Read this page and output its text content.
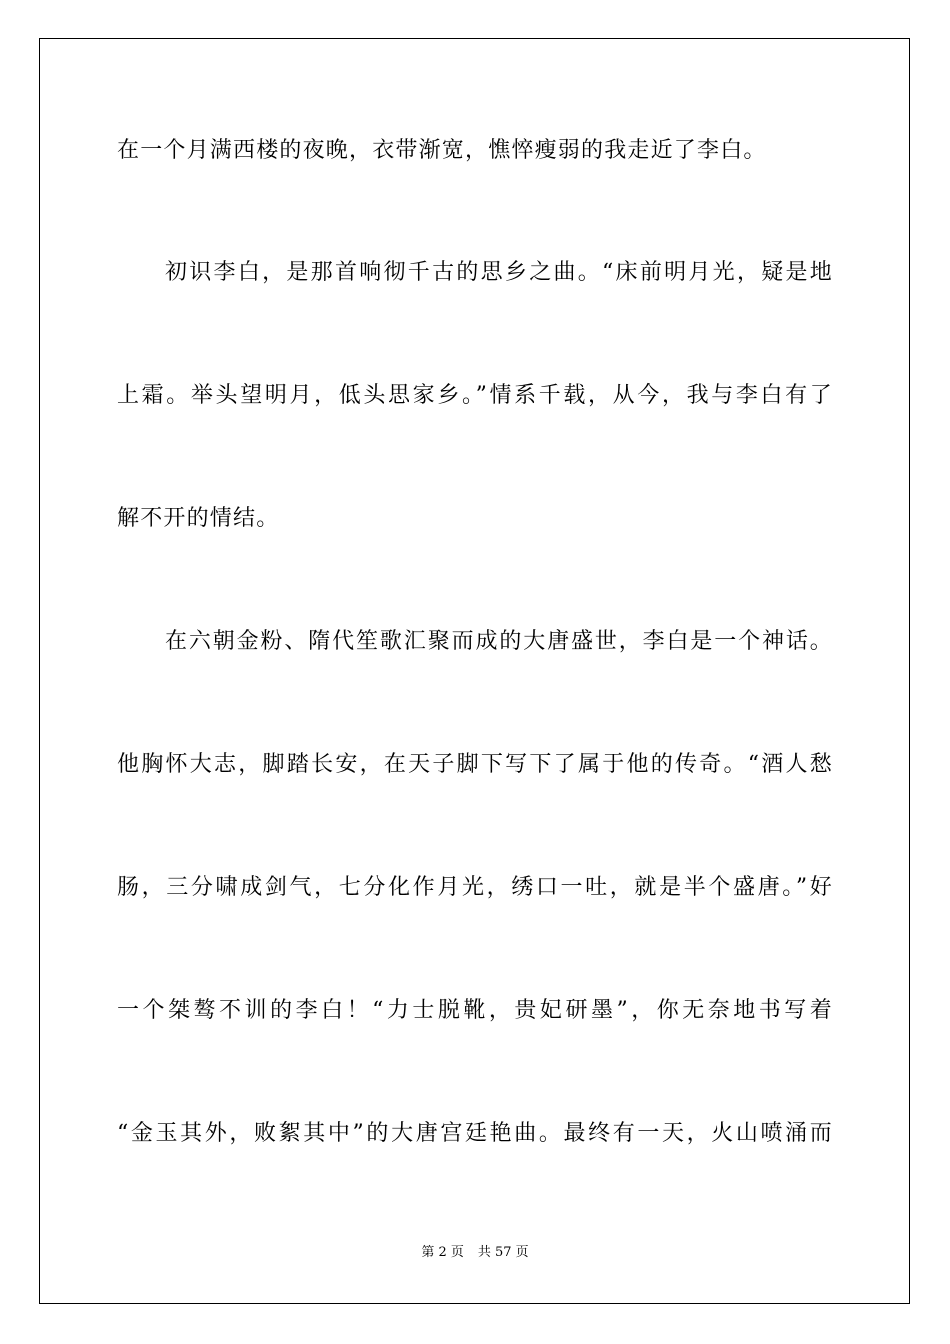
在一个月满西楼的夜晚，衣带渐宽，憔悴瘦弱的我走近了李白。
初识李白，是那首响彻千古的思乡之曲。“床前明月光，疑是地
上霜。举头望明月，低头思家乡。”情系千载，从今，我与李白有了
解不开的情结。
在六朝金粉、隋代笙歌汇聚而成的大唐盛世，李白是一个神话。
他胸怀大志，脚踏长安，在天子脚下写下了属于他的传奇。“酒人愁
肠，三分啸成剑气，七分化作月光，绣口一吐，就是半个盛唐。”好
一个桀骜不训的李白！“力士脱靴，贵妃研墨”，你无奈地书写着
“金玉其外，败絮其中”的大唐宫廷艳曲。最终有一天，火山喷涌而
第 2 页 共 57 页
